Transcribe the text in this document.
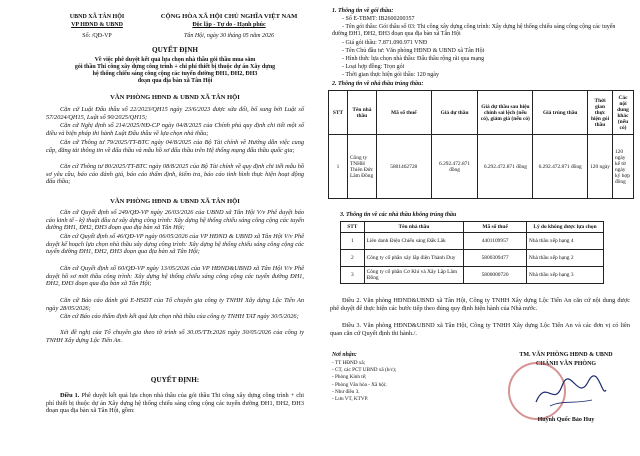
UBND XÃ TÂN HỘI
VP HĐND & UBND
Số: /QĐ-VP
CỘNG HÒA XÃ HỘI CHỦ NGHĨA VIỆT NAM
Độc lập - Tự do - Hạnh phúc
Tân Hội, ngày 30 tháng 05 năm 2026
QUYẾT ĐỊNH
Về việc phê duyệt kết quả lựa chọn nhà thầu gói thầu mua sắm
gói thầu Thi công xây dựng công trình + chi phí thiết bị thuộc dự án Xây dựng
hệ thống chiếu sáng công cộng các tuyến đường ĐH1, ĐH2, ĐH3
đoạn qua địa bàn xã Tân Hội
VĂN PHÒNG HĐND & UBND XÃ TÂN HỘI
Căn cứ Luật Đấu thầu số 22/2023/QH15 ngày 23/6/2023 được sửa đổi, bổ sung bởi Luật số 57/2024/QH15, Luật số 90/2025/QH15;
Căn cứ Nghị định số 214/2025/NĐ-CP ngày 04/8/2025 của Chính phủ quy định chi tiết một số điều và biện pháp thi hành Luật Đấu thầu về lựa chọn nhà thầu;
Căn cứ Thông tư 79/2025/TT-BTC ngày 04/8/2025 của Bộ Tài chính về Hướng dẫn việc cung cấp, đăng tải thông tin về đấu thầu và mẫu hồ sơ đấu thầu trên Hệ thống mạng đấu thầu quốc gia;
Căn cứ Thông tư 80/2025/TT-BTC ngày 08/8/2025 của Bộ Tài chính về quy định chi tiết mẫu hồ sơ yêu cầu, báo cáo đánh giá, báo cáo thẩm định, kiểm tra, báo cáo tình hình thực hiện hoạt động đấu thầu;
VĂN PHÒNG HĐND & UBND XÃ TÂN HỘI
Căn cứ Quyết định số 249/QĐ-VP ngày 26/03/2026 của UBND xã Tân Hội V/v Phê duyệt báo cáo kinh tế - kỹ thuật đầu tư xây dựng công trình: Xây dựng hệ thống chiếu sáng công cộng các tuyến đường ĐH1, ĐH2, ĐH3 đoạn qua địa bàn xã Tân Hội;
Căn cứ Quyết định số 46/QĐ-VP ngày 06/05/2026 của VP HĐND & UBND xã Tân Hội V/v Phê duyệt kế hoạch lựa chọn nhà thầu xây dựng công trình: Xây dựng hệ thống chiếu sáng công cộng các tuyến đường ĐH1, ĐH2, ĐH3 đoạn qua địa bàn xã Tân Hội;
Căn cứ Quyết định số 60/QĐ-VP ngày 13/05/2026 của VP HĐND&UBND xã Tân Hội V/v Phê duyệt hồ sơ mời thầu công trình: Xây dựng hệ thống chiếu sáng công cộng các tuyến đường ĐH1, ĐH2, ĐH3 đoạn qua địa bàn xã Tân Hội;
Căn cứ Báo cáo đánh giá E-HSDT của Tổ chuyên gia công ty TNHH Xây dựng Lộc Tiến An ngày 28/05/2026;
Căn cứ Báo cáo thẩm định kết quả lựa chọn nhà thầu của công ty TNHH TAT ngày 30/5/2026;
Xét đề nghị của Tổ chuyên gia theo tờ trình số 30.05/TTr.2026 ngày 30/05/2026 của công ty TNHH Xây dựng Lộc Tiến An.
QUYẾT ĐỊNH:
Điều 1. Phê duyệt kết quả lựa chọn nhà thầu của gói thầu Thi công xây dựng công trình + chi phí thiết bị thuộc dự án Xây dựng hệ thống chiếu sáng công cộng các tuyến đường ĐH1, ĐH2, ĐH3 đoạn qua địa bàn xã Tân Hội, gồm:
1. Thông tin về gói thầu:
- Số E-TBMT: IB2600200357
- Tên gói thầu: Gói thầu số 03: Thi công xây dựng công trình: Xây dựng hệ thống chiếu sáng công cộng các tuyến đường ĐH1, ĐH2, ĐH3 đoạn qua địa bàn xã Tân Hội
- Giá gói thầu: 7.871.090.971 VNĐ
- Tên Chủ đầu tư: Văn phòng HĐND & UBND xã Tân Hội
- Hình thức lựa chọn nhà thầu: Đấu thầu rộng rãi qua mạng
- Loại hợp đồng: Trọn gói
- Thời gian thực hiện gói thầu: 120 ngày
2. Thông tin về nhà thầu trúng thầu:
STT	Tên nhà thầu	Mã số thuế	Giá dự thầu	Giá dự thầu sau hiệu chỉnh sai lệch (nếu có), giảm giá (nếu có)	Giá trúng thầu	Thời gian thực hiện gói thầu	Các nội dung khác (nếu có)
1	Công ty TNHH Thiên Đức Lâm Đồng	5801462728	6.292.472.871 đồng	6.292.472.871 đồng	6.292.472.871 đồng	120 ngày	120 ngày kể từ ngày ký hợp đồng
3. Thông tin về các nhà thầu không trúng thầu
STT	Tên nhà thầu	Mã số thuế	Lý do không được lựa chọn
1	Liên danh Điện Chiếu sáng Đắk Lắk	4401109957	Nhà thầu xếp hạng 4
2	Công ty cổ phần xây lắp điện Thành Duy	5800309477	Nhà thầu xếp hạng 2
3	Công ty cổ phần Cơ Khí và Xây Lắp Lâm Đồng	5800000720	Nhà thầu xếp hạng 3
Điều 2. Văn phòng HĐND&UBND xã Tân Hội, Công ty TNHH Xây dựng Lộc Tiến An căn cứ nội dung được phê duyệt để thực hiện các bước tiếp theo đúng quy định hiện hành của Nhà nước.
Điều 3. Văn phòng HĐND&UBND xã Tân Hội, Công ty TNHH Xây dựng Lộc Tiến An và các đơn vị có liên quan căn cứ Quyết định thi hành./.
Nơi nhận:
- TT HĐND xã;
- CT, các PCT UBND xã (b/c);
- Phòng Kinh tế;
- Phòng Văn hóa - Xã hội;
- Như điều 3.
- Lưu VT, KTVP.
TM. VĂN PHÒNG HĐND & UBND
CHÁNH VĂN PHÒNG
Huỳnh Quốc Bảo Huy
